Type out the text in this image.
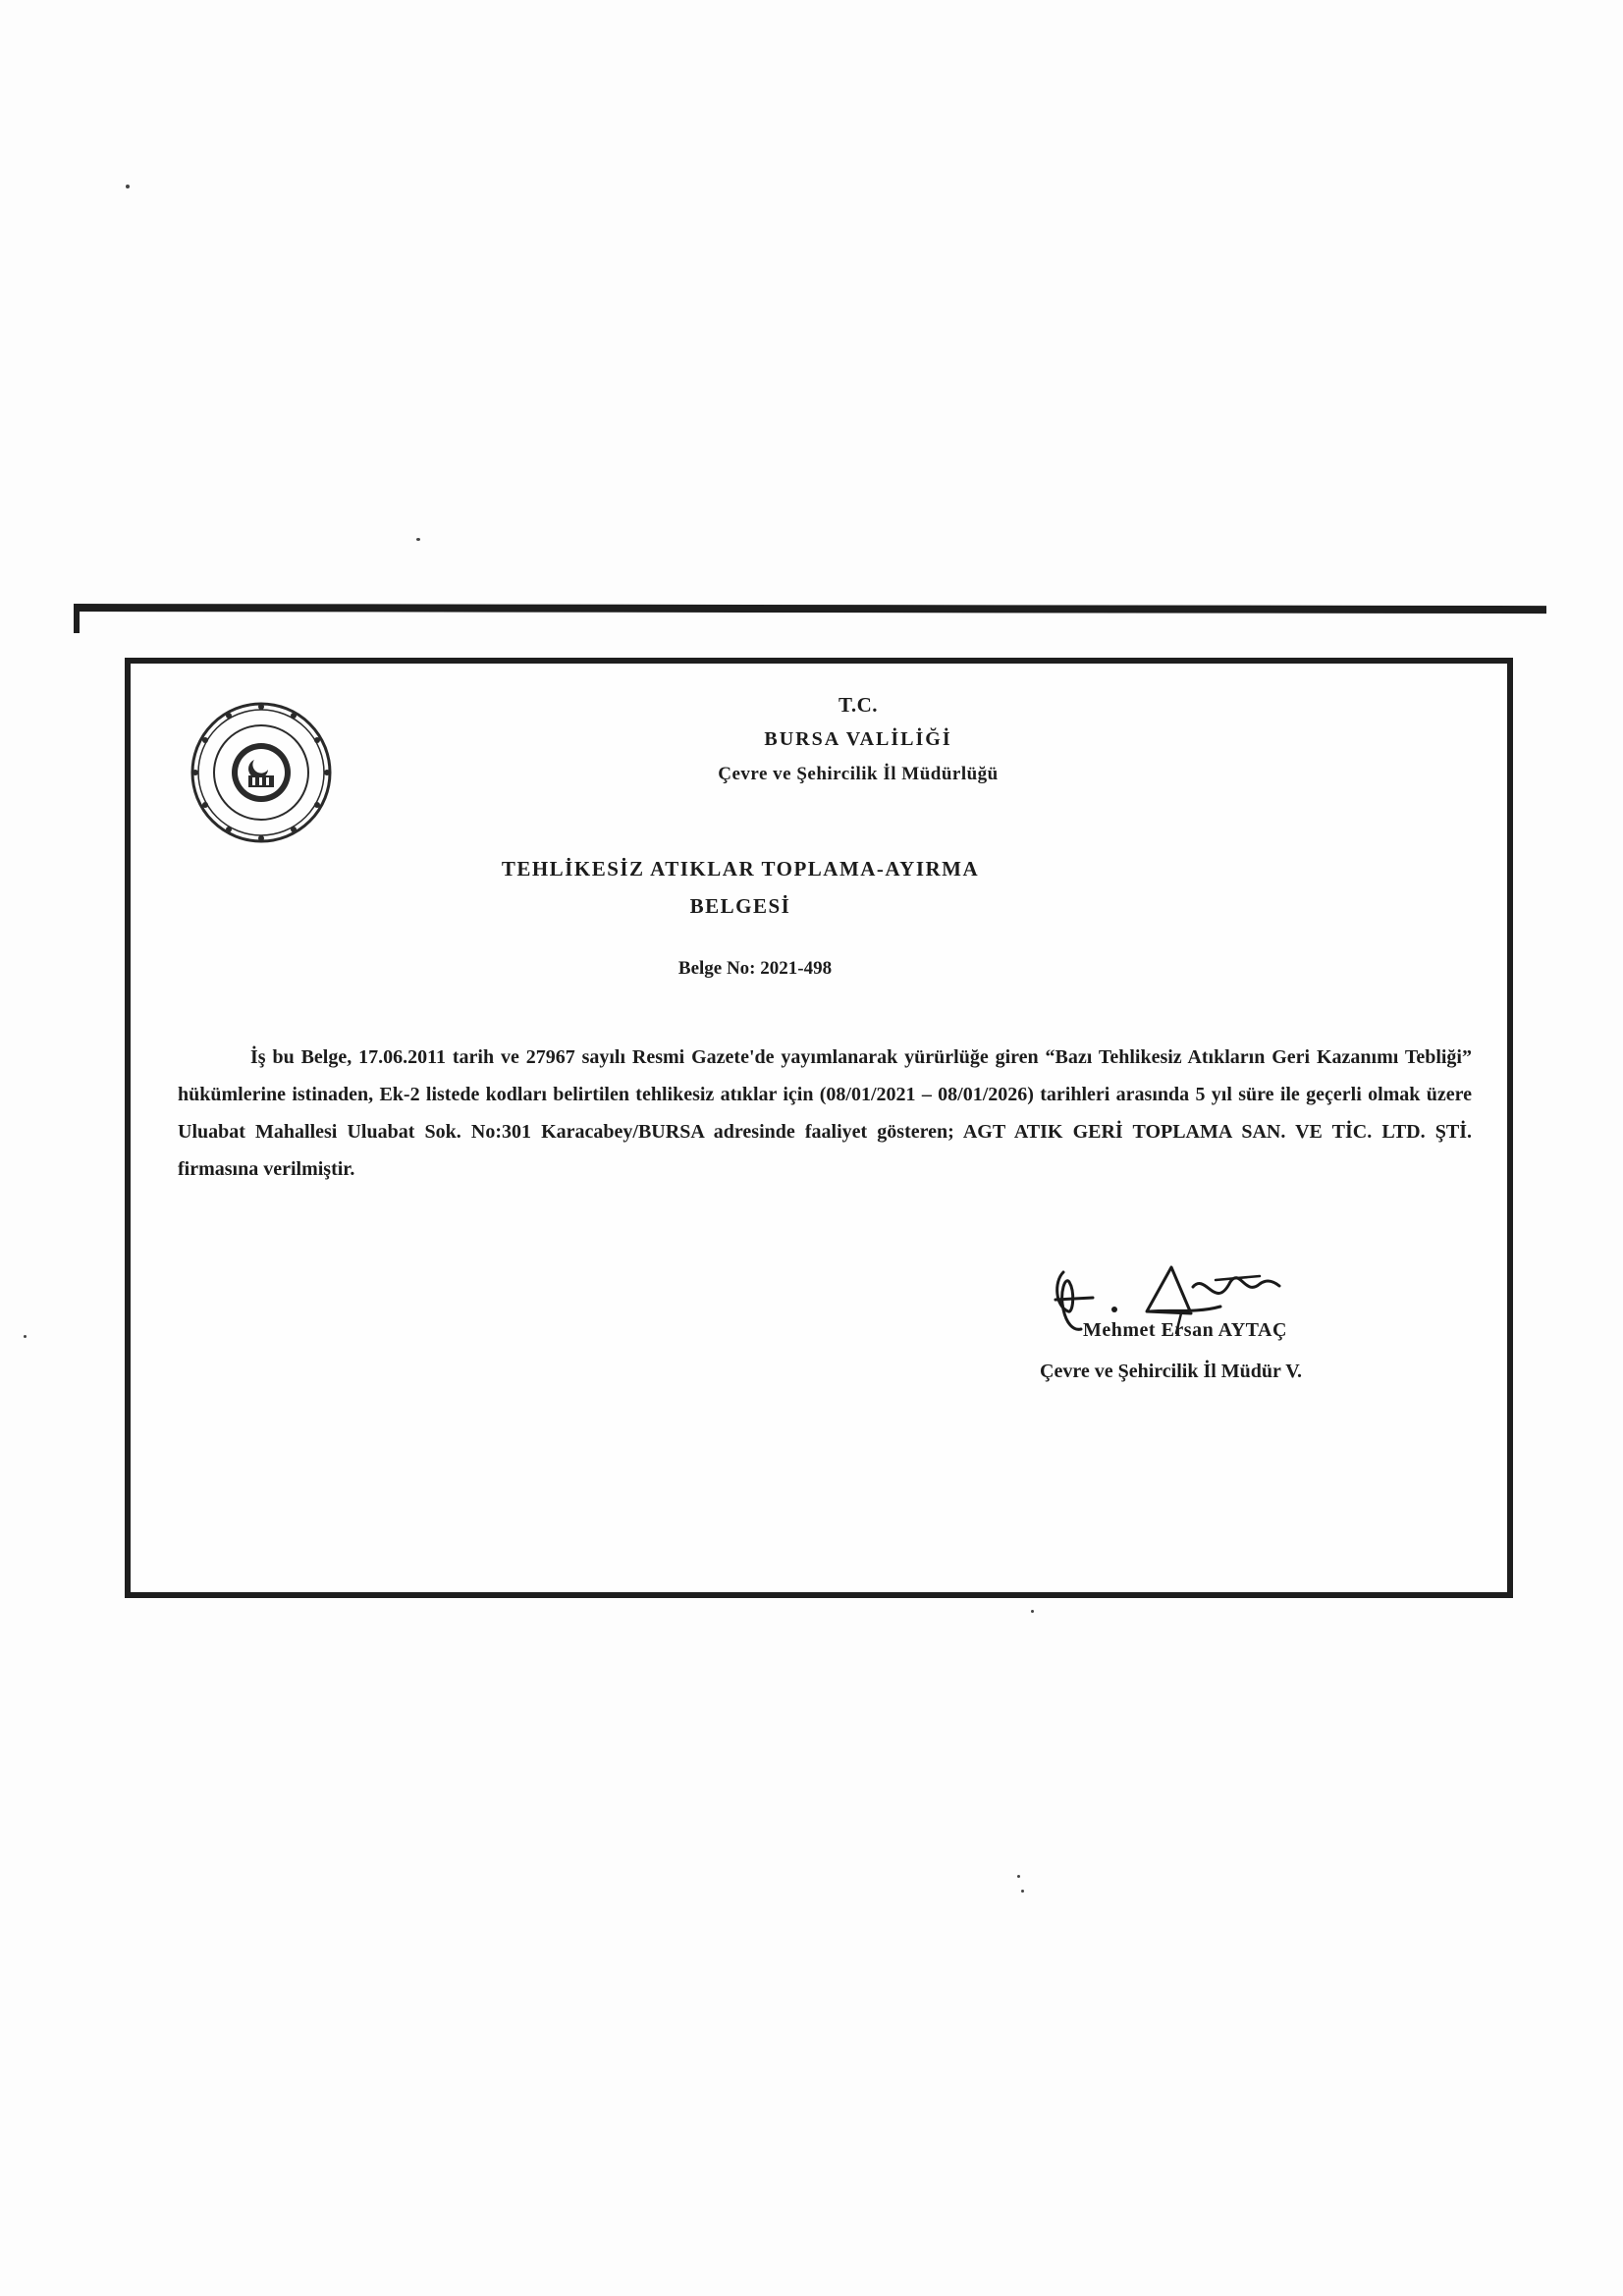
T.C.
BURSA VALİLİĞİ
Çevre ve Şehircilik İl Müdürlüğü
TEHLİKESİZ ATIKLAR TOPLAMA-AYIRMA
BELGESİ
Belge No: 2021-498
İş bu Belge, 17.06.2011 tarih ve 27967 sayılı Resmi Gazete'de yayımlanarak yürürlüğe giren “Bazı Tehlikesiz Atıkların Geri Kazanımı Tebliği” hükümlerine istinaden, Ek-2 listede kodları belirtilen tehlikesiz atıklar için (08/01/2021 – 08/01/2026) tarihleri arasında 5 yıl süre ile geçerli olmak üzere Uluabat Mahallesi Uluabat Sok. No:301 Karacabey/BURSA adresinde faaliyet gösteren; AGT ATIK GERİ TOPLAMA SAN. VE TİC. LTD. ŞTİ. firmasına verilmiştir.
Mehmet Ersan AYTAÇ
Çevre ve Şehircilik İl Müdür V.
